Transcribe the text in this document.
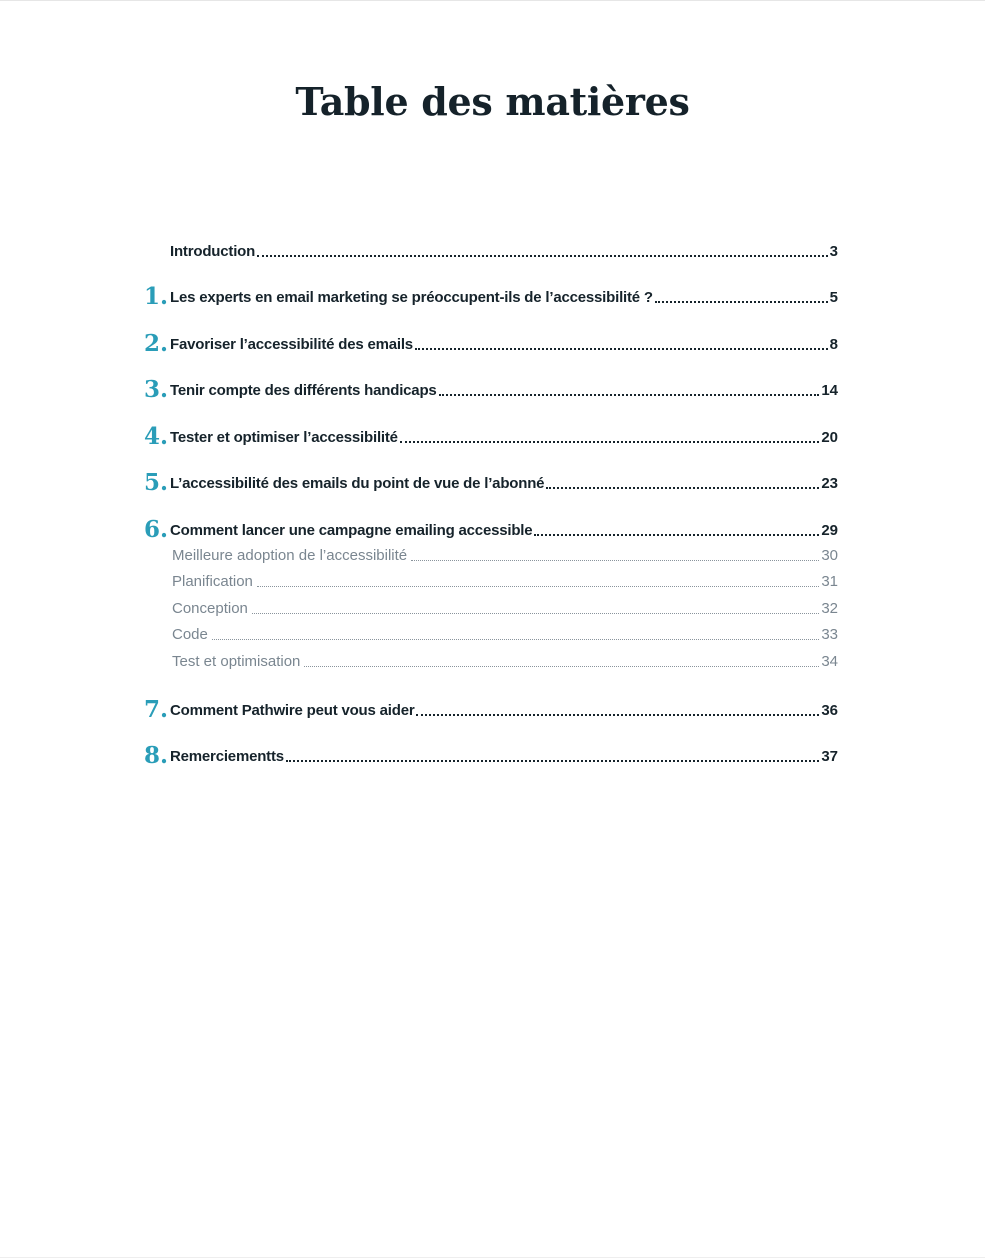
Table des matières
Introduction	3
1. Les experts en email marketing se préoccupent-ils de l’accessibilité ?	5
2. Favoriser l’accessibilité des emails	8
3. Tenir compte des différents handicaps	14
4. Tester et optimiser l’accessibilité	20
5. L’accessibilité des emails du point de vue de l’abonné	23
6. Comment lancer une campagne emailing accessible	29
Meilleure adoption de l’accessibilité	30
Planification	31
Conception	32
Code	33
Test et optimisation	34
7. Comment Pathwire peut vous aider	36
8. Remerciementts	37
